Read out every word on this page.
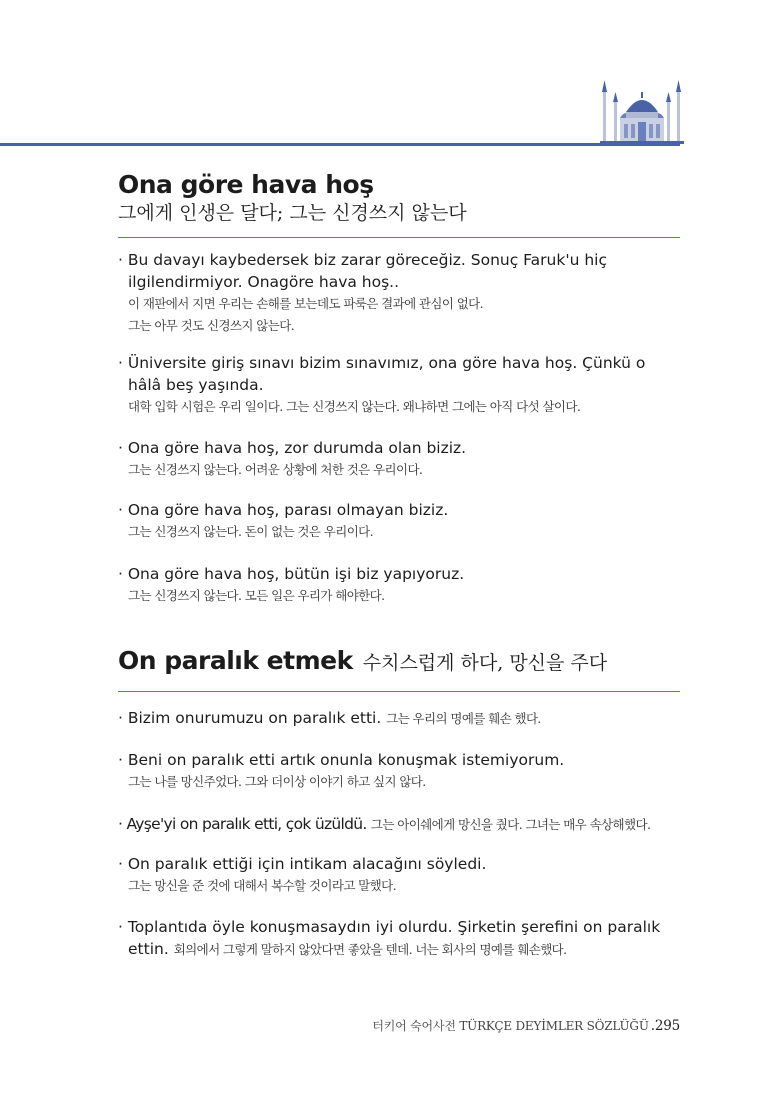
Ona göre hava hoş
그에게 인생은 달다; 그는 신경쓰지 않는다
· Bu davayı kaybedersek biz zarar göreceğiz. Sonuç Faruk'u hiç ilgilendirmiyor. Onagöre hava hoş..
이 재판에서 지면 우리는 손해를 보는데도 파룩은 결과에 관심이 없다.
그는 아무 것도 신경쓰지 않는다.
· Üniversite giriş sınavı bizim sınavımız, ona göre hava hoş. Çünkü o hâlâ beş yaşında.
대학 입학 시험은 우리 일이다. 그는 신경쓰지 않는다. 왜냐하면 그에는 아직 다섯 살이다.
· Ona göre hava hoş, zor durumda olan biziz.
그는 신경쓰지 않는다. 어려운 상황에 처한 것은 우리이다.
· Ona göre hava hoş, parası olmayan biziz.
그는 신경쓰지 않는다. 돈이 없는 것은 우리이다.
· Ona göre hava hoş, bütün işi biz yapıyoruz.
그는 신경쓰지 않는다. 모든 일은 우리가 해야한다.
On paralık etmek 수치스럽게 하다, 망신을 주다
· Bizim onurumuzu on paralık etti. 그는 우리의 명예를 훼손 했다.
· Beni on paralık etti artık onunla konuşmak istemiyorum.
그는 나를 망신주었다. 그와 더이상 이야기 하고 싶지 않다.
· Ayşe'yi on paralık etti, çok üzüldü. 그는 아이쉐에게 망신을 줬다. 그녀는 매우 속상해했다.
· On paralık ettiği için intikam alacağını söyledi.
그는 망신을 준 것에 대해서 복수할 것이라고 말했다.
· Toplantıda öyle konuşmasaydın iyi olurdu. Şirketin şerefini on paralık
ettin. 회의에서 그렇게 말하지 않았다면 좋았을 텐데. 너는 회사의 명예를 훼손했다.
터키어 숙어사전 TÜRKÇE DEYİMLER SÖZLÜĞÜ .295
